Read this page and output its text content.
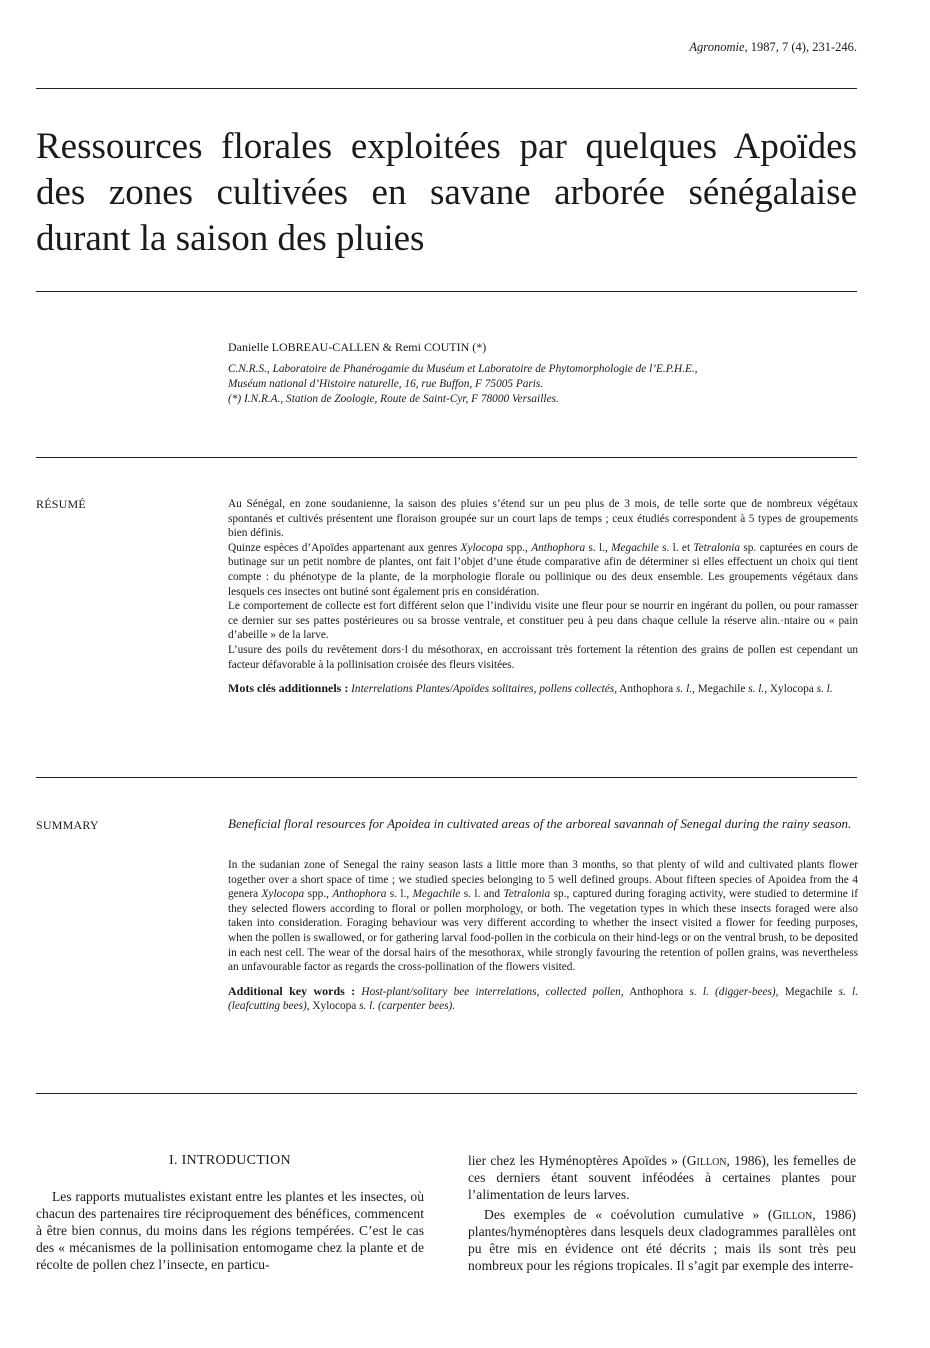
Agronomie, 1987, 7 (4), 231-246.
Ressources florales exploitées par quelques Apoïdes des zones cultivées en savane arborée sénégalaise durant la saison des pluies
Danielle LOBREAU-CALLEN & Remi COUTIN (*)
C.N.R.S., Laboratoire de Phanérogamie du Muséum et Laboratoire de Phytomorphologie de l’E.P.H.E.,
Muséum national d’Histoire naturelle, 16, rue Buffon, F 75005 Paris.
(*) I.N.R.A., Station de Zoologie, Route de Saint-Cyr, F 78000 Versailles.
RÉSUMÉ	Au Sénégal, en zone soudanienne, la saison des pluies s’étend sur un peu plus de 3 mois, de telle sorte que de nombreux végétaux spontanés et cultivés présentent une floraison groupée sur un court laps de temps ; ceux étudiés correspondent à 5 types de groupements bien définis.

Quinze espèces d’Apoïdes appartenant aux genres Xylocopa spp., Anthophora s. l., Megachile s. l. et Tetralonia sp. capturées en cours de butinage sur un petit nombre de plantes, ont fait l’objet d’une étude comparative afin de déterminer si elles effectuent un choix qui tient compte : du phénotype de la plante, de la morphologie florale ou pollinique ou des deux ensemble. Les groupements végétaux dans lesquels ces insectes ont butiné sont également pris en considération.

Le comportement de collecte est fort différent selon que l’individu visite une fleur pour se nourrir en ingérant du pollen, ou pour ramasser ce dernier sur ses pattes postérieures ou sa brosse ventrale, et constituer peu à peu dans chaque cellule la réserve alin.·ntaire ou « pain d’abeille » de la larve.

L’usure des poils du revêtement dors·l du mésothorax, en accroissant très fortement la rétention des grains de pollen est cependant un facteur défavorable à la pollinisation croisée des fleurs visitées.

Mots clés additionnels : Interrelations Plantes/Apoïdes solitaires, pollens collectés, Anthophora s. l., Megachile s. l., Xylocopa s. l.

SUMMARY	Beneficial floral resources for Apoidea in cultivated areas of the arboreal savannah of Senegal during the rainy season.

In the sudanian zone of Senegal the rainy season lasts a little more than 3 months, so that plenty of wild and cultivated plants flower together over a short space of time ; we studied species belonging to 5 well defined groups. About fifteen species of Apoidea from the 4 genera Xylocopa spp., Anthophora s. l., Megachile s. l. and Tetralonia sp., captured during foraging activity, were studied to determine if they selected flowers according to floral or pollen morphology, or both. The vegetation types in which these insects foraged were also taken into consideration. Foraging behaviour was very different according to whether the insect visited a flower for feeding purposes, when the pollen is swallowed, or for gathering larval food-pollen in the corbicula on their hind-legs or on the ventral brush, to be deposited in each nest cell. The wear of the dorsal hairs of the mesothorax, while strongly favouring the retention of pollen grains, was nevertheless an unfavourable factor as regards the cross-pollination of the flowers visited.

Additional key words : Host-plant/solitary bee interrelations, collected pollen, Anthophora s. l. (digger-bees), Megachile s. l. (leafcutting bees), Xylocopa s. l. (carpenter bees).

I. INTRODUCTION

Les rapports mutualistes existant entre les plantes et les insectes, où chacun des partenaires tire réciproquement des bénéfices, commencent à être bien connus, du moins dans les régions tempérées. C’est le cas des « mécanismes de la pollinisation entomogame chez la plante et de récolte de pollen chez l’insecte, en particu-

lier chez les Hyménoptères Apoïdes » (Gillon, 1986), les femelles de ces derniers étant souvent inféodées à certaines plantes pour l’alimentation de leurs larves.

Des exemples de « coévolution cumulative » (Gillon, 1986) plantes/hyménoptères dans lesquels deux cladogrammes parallèles ont pu être mis en évidence ont été décrits ; mais ils sont très peu nombreux pour les régions tropicales. Il s’agit par exemple des interre-
